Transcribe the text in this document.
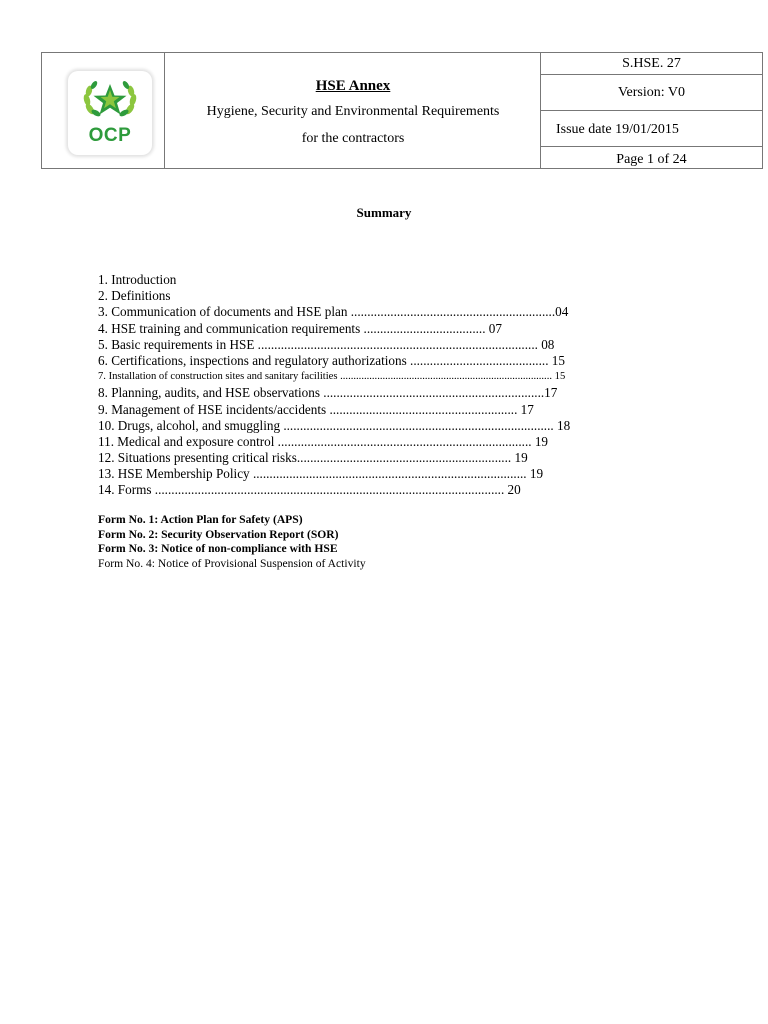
OCP
HSE Annex
Hygiene, Security and Environmental Requirements
for the contractors
S.HSE. 27
Version: V0
Issue date 19/01/2015
Page 1 of 24
Summary
1. Introduction
2. Definitions
3. Communication of documents and HSE plan ..............................................................04
4. HSE training and communication requirements ..................................... 07
5. Basic requirements in HSE ..................................................................................... 08
6. Certifications, inspections and regulatory authorizations .......................................... 15
7. Installation of construction sites and sanitary facilities ................................................................................ 15
8. Planning, audits, and HSE observations ...................................................................17
9. Management of HSE incidents/accidents ......................................................... 17
10. Drugs, alcohol, and smuggling .................................................................................. 18
11. Medical and exposure control ............................................................................. 19
12. Situations presenting critical risks................................................................. 19
13. HSE Membership Policy ................................................................................... 19
14. Forms .......................................................................................................... 20
Form No. 1: Action Plan for Safety (APS)
Form No. 2: Security Observation Report (SOR)
Form No. 3: Notice of non-compliance with HSE
Form No. 4: Notice of Provisional Suspension of Activity
